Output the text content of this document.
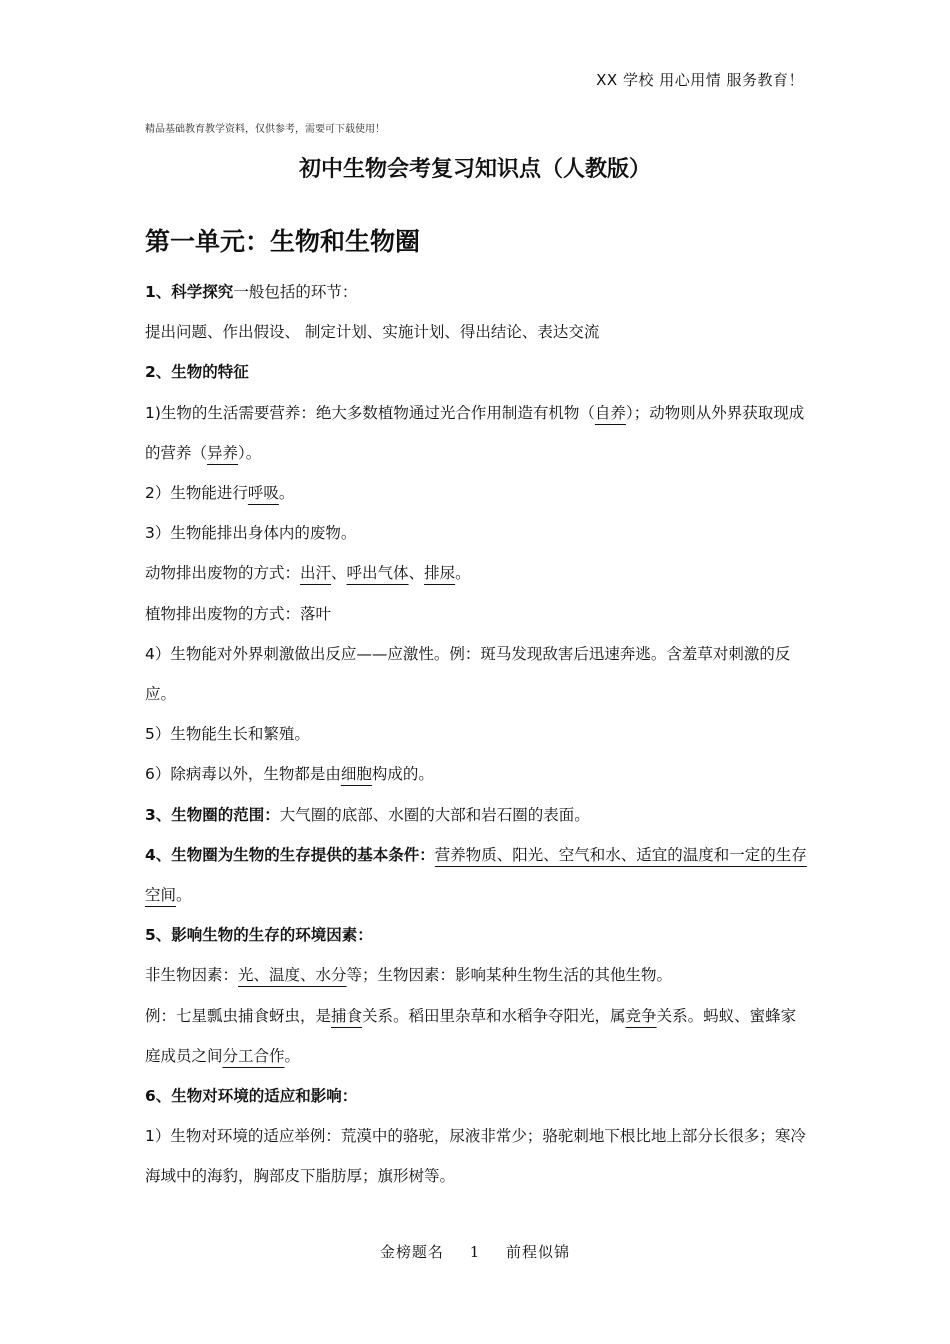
XX 学校 用心用情 服务教育！
精品基础教育教学资料，仅供参考，需要可下载使用！
初中生物会考复习知识点（人教版）
第一单元：生物和生物圈

1、科学探究一般包括的环节：

提出问题、作出假设、 制定计划、实施计划、得出结论、表达交流

2、生物的特征

1)生物的生活需要营养：绝大多数植物通过光合作用制造有机物（自养）；动物则从外界获取现成的营养（异养）。

2）生物能进行呼吸。

3）生物能排出身体内的废物。

动物排出废物的方式：出汗、呼出气体、排尿。

植物排出废物的方式：落叶

4）生物能对外界刺激做出反应——应激性。例：斑马发现敌害后迅速奔逃。含羞草对刺激的反应。

5）生物能生长和繁殖。

6）除病毒以外，生物都是由细胞构成的。

3、生物圈的范围：大气圈的底部、水圈的大部和岩石圈的表面。

4、生物圈为生物的生存提供的基本条件：营养物质、阳光、空气和水、适宜的温度和一定的生存空间。

5、影响生物的生存的环境因素：

非生物因素：光、温度、水分等；生物因素：影响某种生物生活的其他生物。

例：七星瓢虫捕食蚜虫，是捕食关系。稻田里杂草和水稻争夺阳光，属竞争关系。蚂蚁、蜜蜂家庭成员之间分工合作。

6、生物对环境的适应和影响：

1）生物对环境的适应举例：荒漠中的骆驼，尿液非常少；骆驼刺地下根比地上部分长很多；寒冷海域中的海豹，胸部皮下脂肪厚；旗形树等。

金榜题名 1 前程似锦
